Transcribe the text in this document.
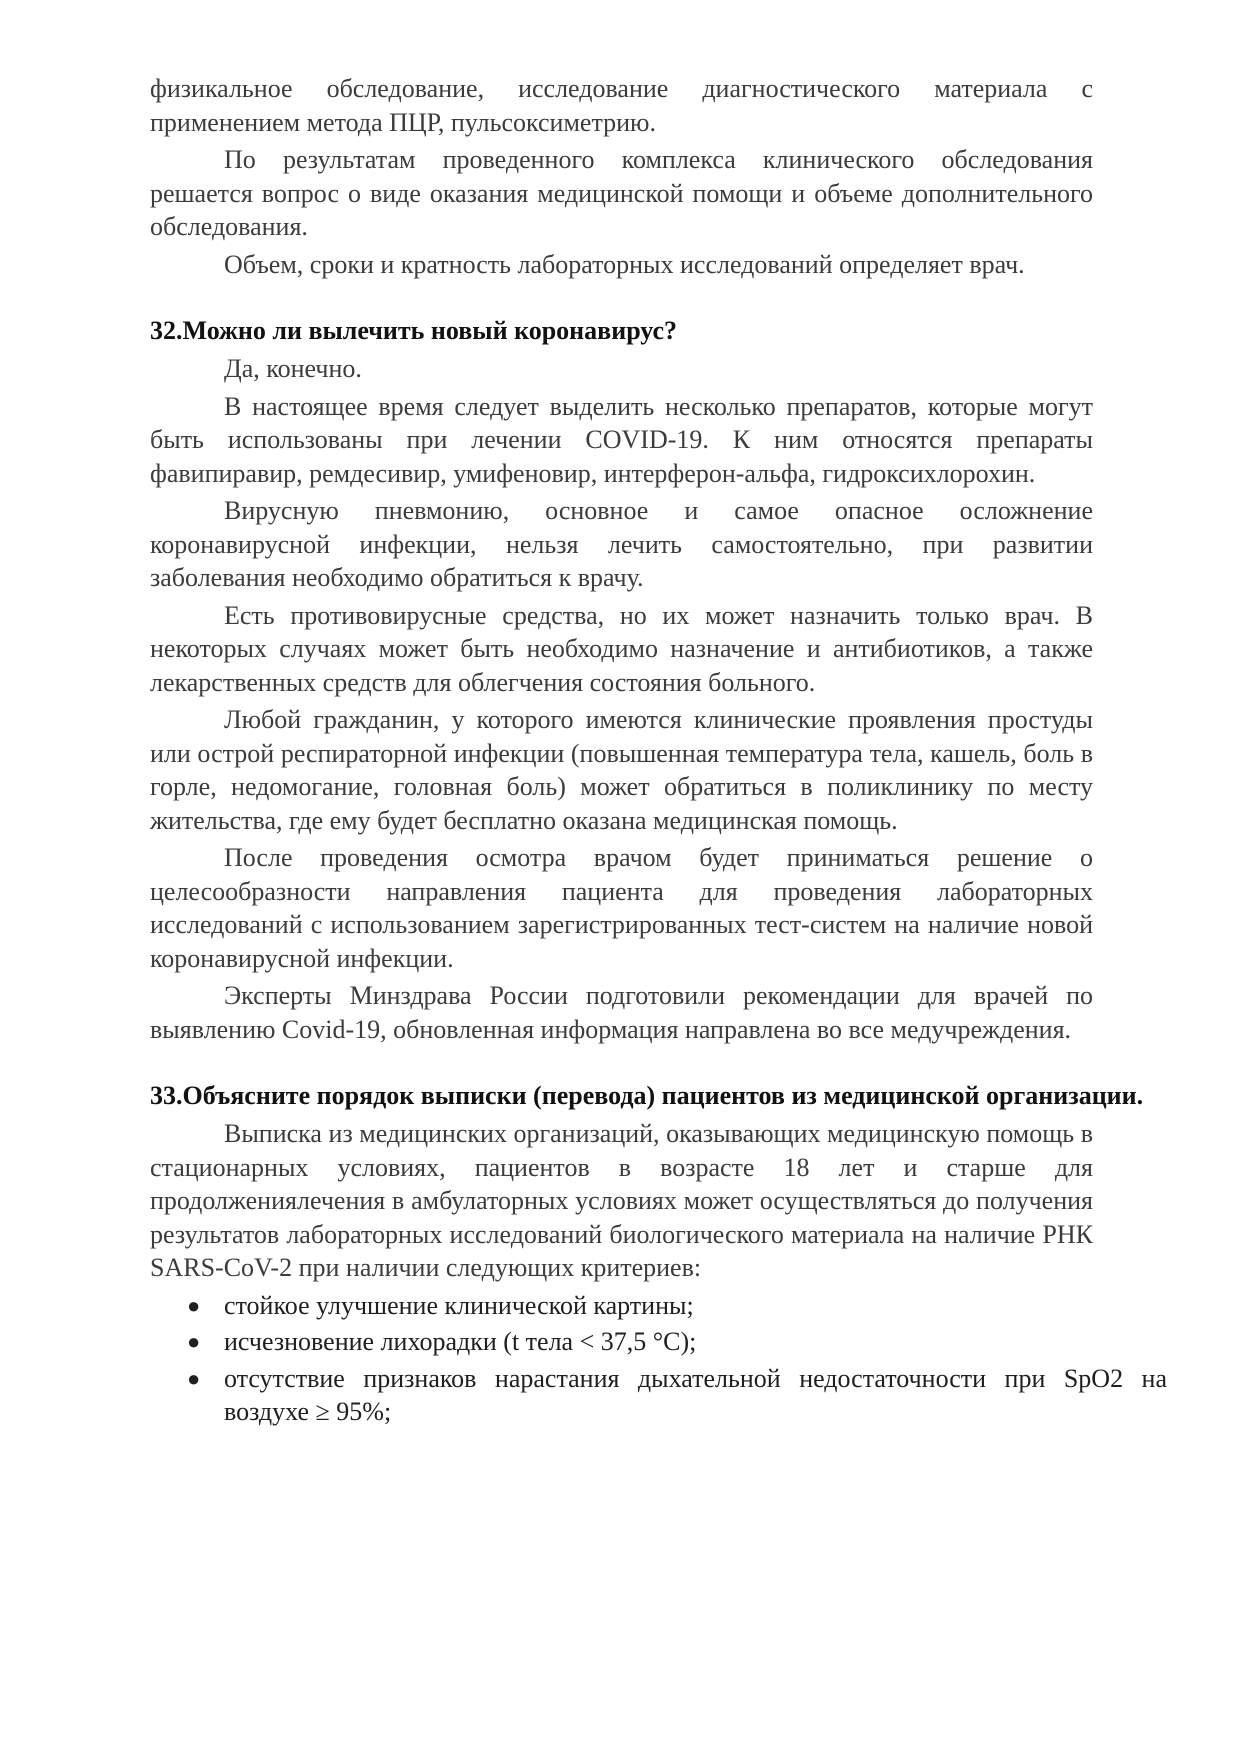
физикальное обследование, исследование диагностического материала с применением метода ПЦР, пульсоксиметрию.

По результатам проведенного комплекса клинического обследования решается вопрос о виде оказания медицинской помощи и объеме дополнительного обследования.

Объем, сроки и кратность лабораторных исследований определяет врач.

32.Можно ли вылечить новый коронавирус?

Да, конечно.

В настоящее время следует выделить несколько препаратов, которые могут быть использованы при лечении COVID-19. К ним относятся препараты фавипиравир, ремдесивир, умифеновир, интерферон-альфа, гидроксихлорохин.

Вирусную пневмонию, основное и самое опасное осложнение коронавирусной инфекции, нельзя лечить самостоятельно, при развитии заболевания необходимо обратиться к врачу.

Есть противовирусные средства, но их может назначить только врач. В некоторых случаях может быть необходимо назначение и антибиотиков, а также лекарственных средств для облегчения состояния больного.

Любой гражданин, у которого имеются клинические проявления простуды или острой респираторной инфекции (повышенная температура тела, кашель, боль в горле, недомогание, головная боль) может обратиться в поликлинику по месту жительства, где ему будет бесплатно оказана медицинская помощь.

После проведения осмотра врачом будет приниматься решение о целесообразности направления пациента для проведения лабораторных исследований с использованием зарегистрированных тест-систем на наличие новой коронавирусной инфекции.

Эксперты Минздрава России подготовили рекомендации для врачей по выявлению Covid-19, обновленная информация направлена во все медучреждения.

33.Объясните порядок выписки (перевода) пациентов из медицинской организации.

Выписка из медицинских организаций, оказывающих медицинскую помощь в стационарных условиях, пациентов в возрасте 18 лет и старше для продолжениялечения в амбулаторных условиях может осуществляться до получения результатов лабораторных исследований биологического материала на наличие РНК SARS-CoV-2 при наличии следующих критериев:

● стойкое улучшение клинической картины;
● исчезновение лихорадки (t тела < 37,5 °С);
● отсутствие признаков нарастания дыхательной недостаточности при SpO2 на воздухе ≥ 95%;
